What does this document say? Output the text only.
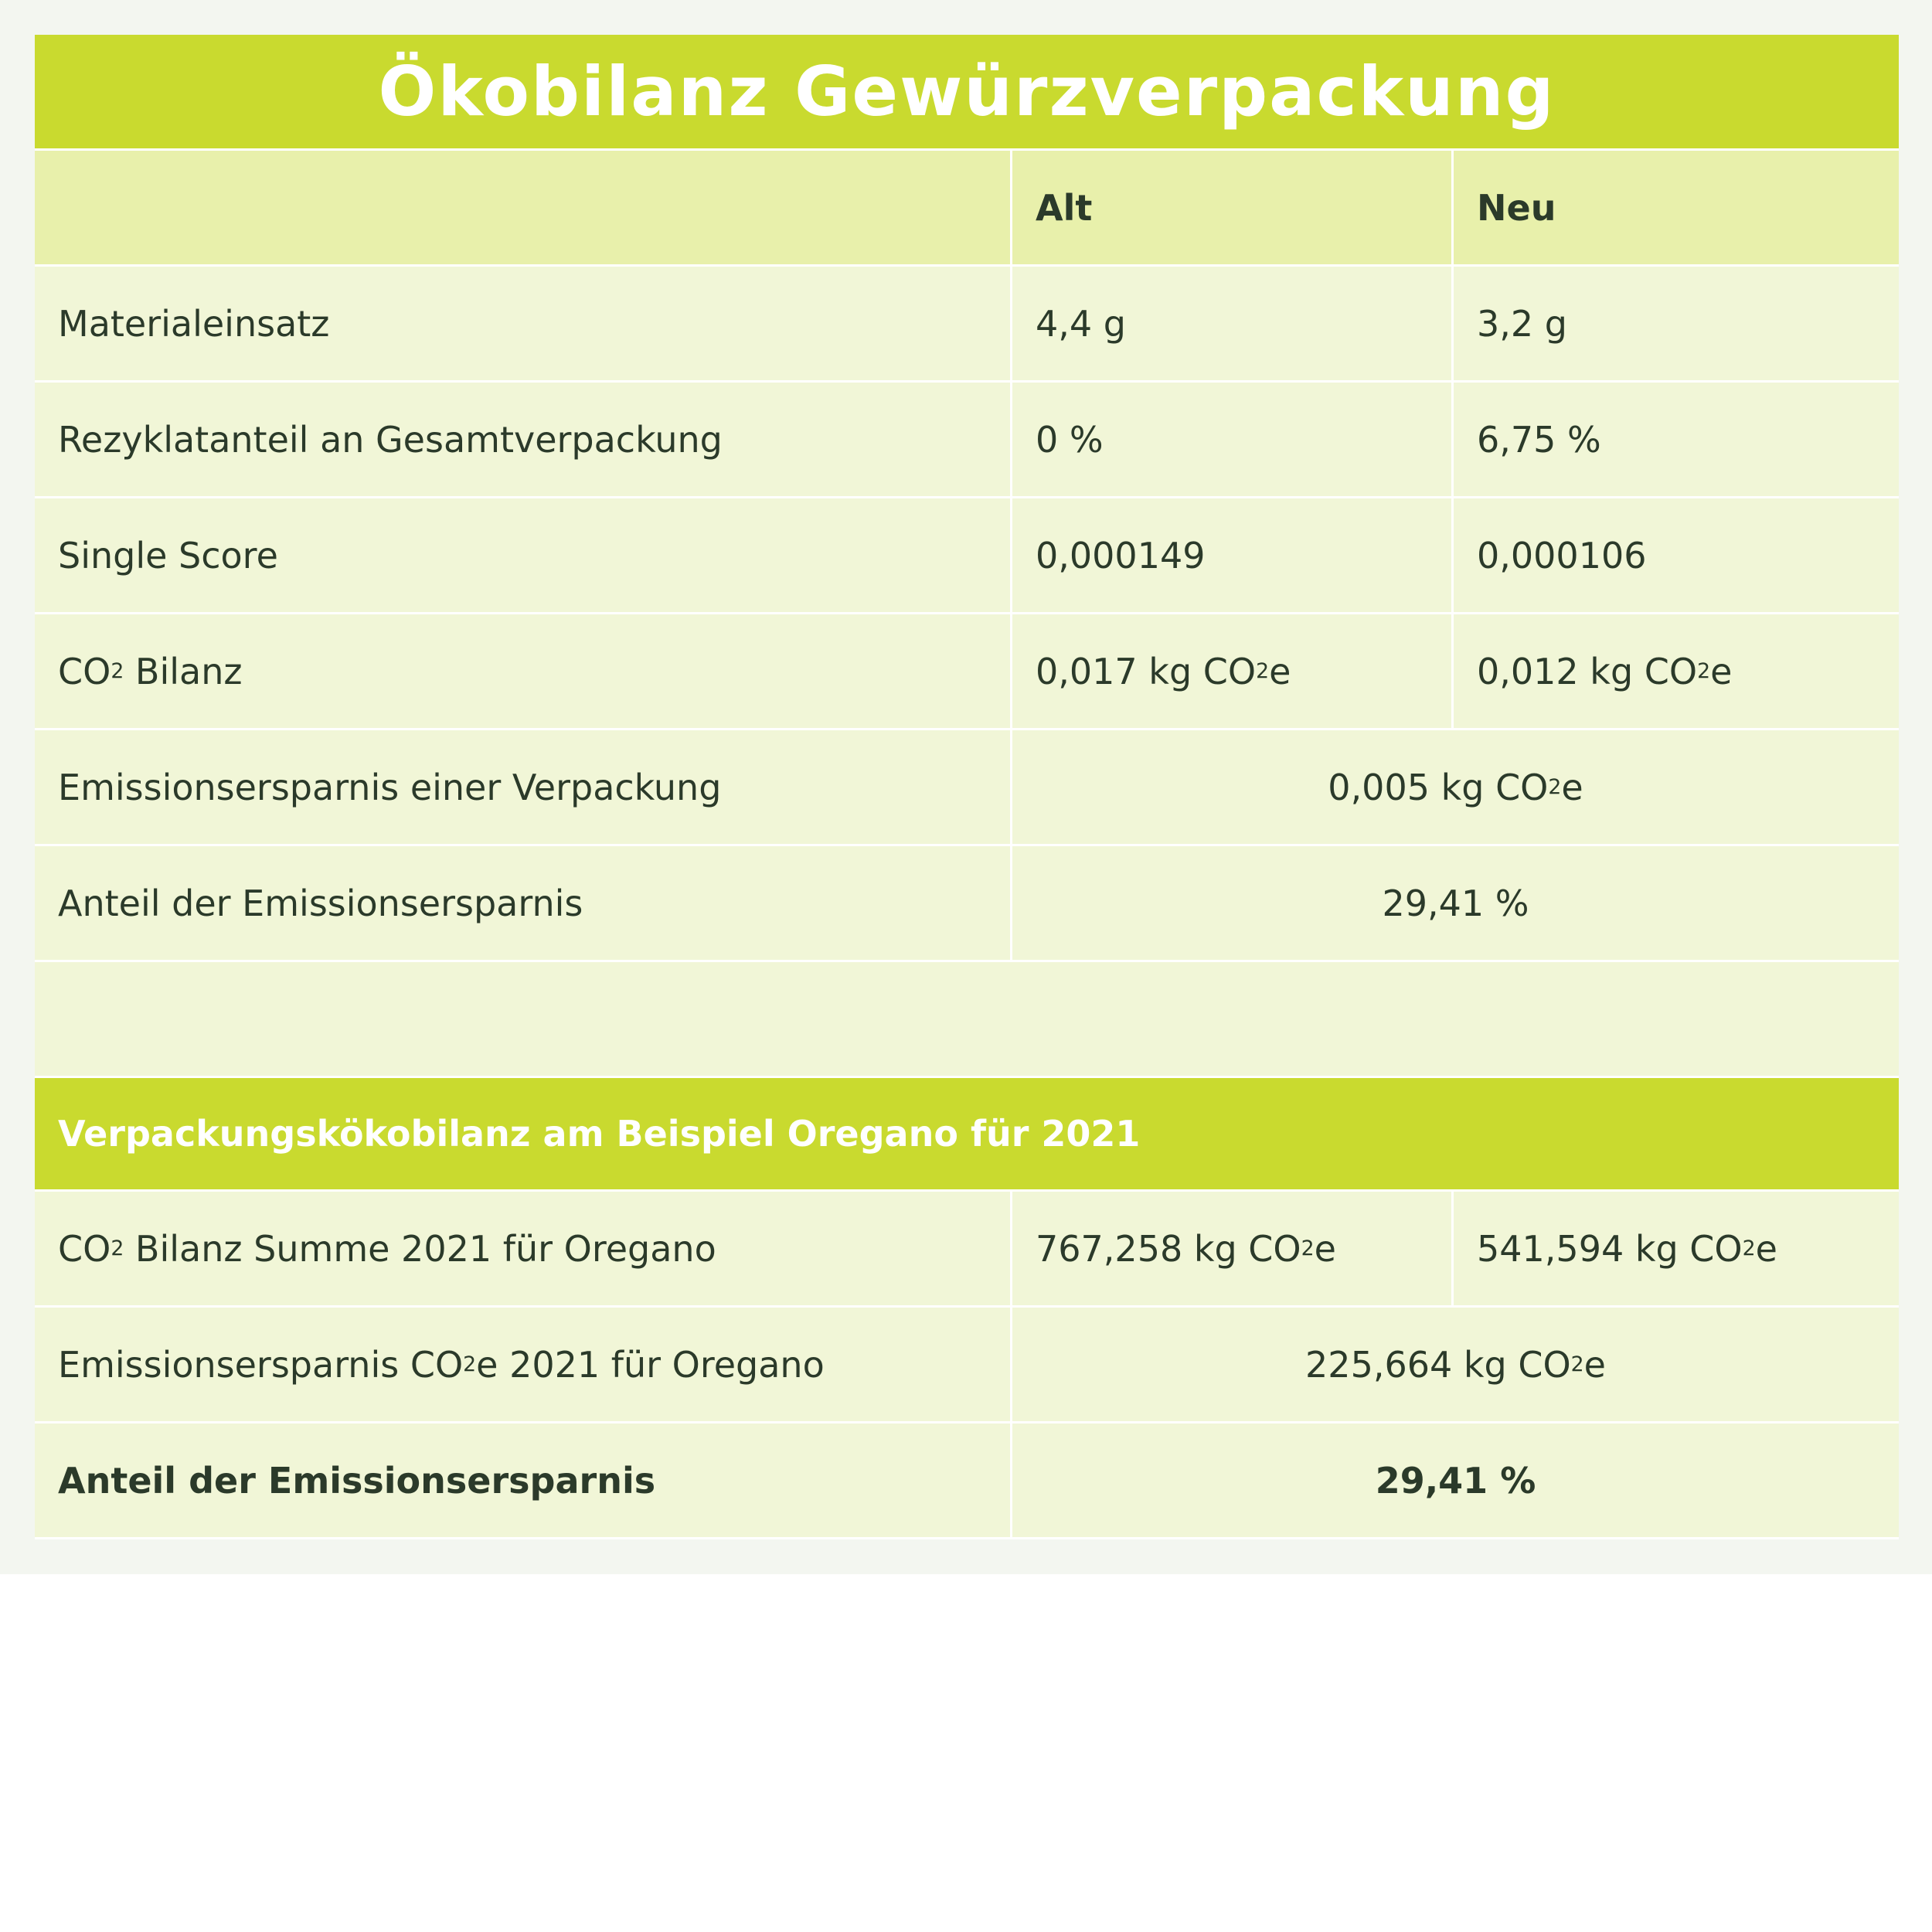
Ökobilanz Gewürzverpackung
Alt	Neu
Materialeinsatz	4,4 g	3,2 g
Rezyklatanteil an Gesamtverpackung	0 %	6,75 %
Single Score	0,000149	0,000106
CO 2 Bilanz	0,017 kg CO 2 e	0,012 kg CO 2 e
Emissionsersparnis einer Verpackung	0,005 kg CO 2 e
Anteil der Emissionsersparnis	29,41 %
Verpackungskökobilanz am Beispiel Oregano für 2021
CO 2 Bilanz Summe 2021 für Oregano	767,258 kg CO 2 e	541,594 kg CO 2 e
Emissionsersparnis CO 2 e 2021 für Oregano	225,664 kg CO 2 e
Anteil der Emissionsersparnis	29,41 %
